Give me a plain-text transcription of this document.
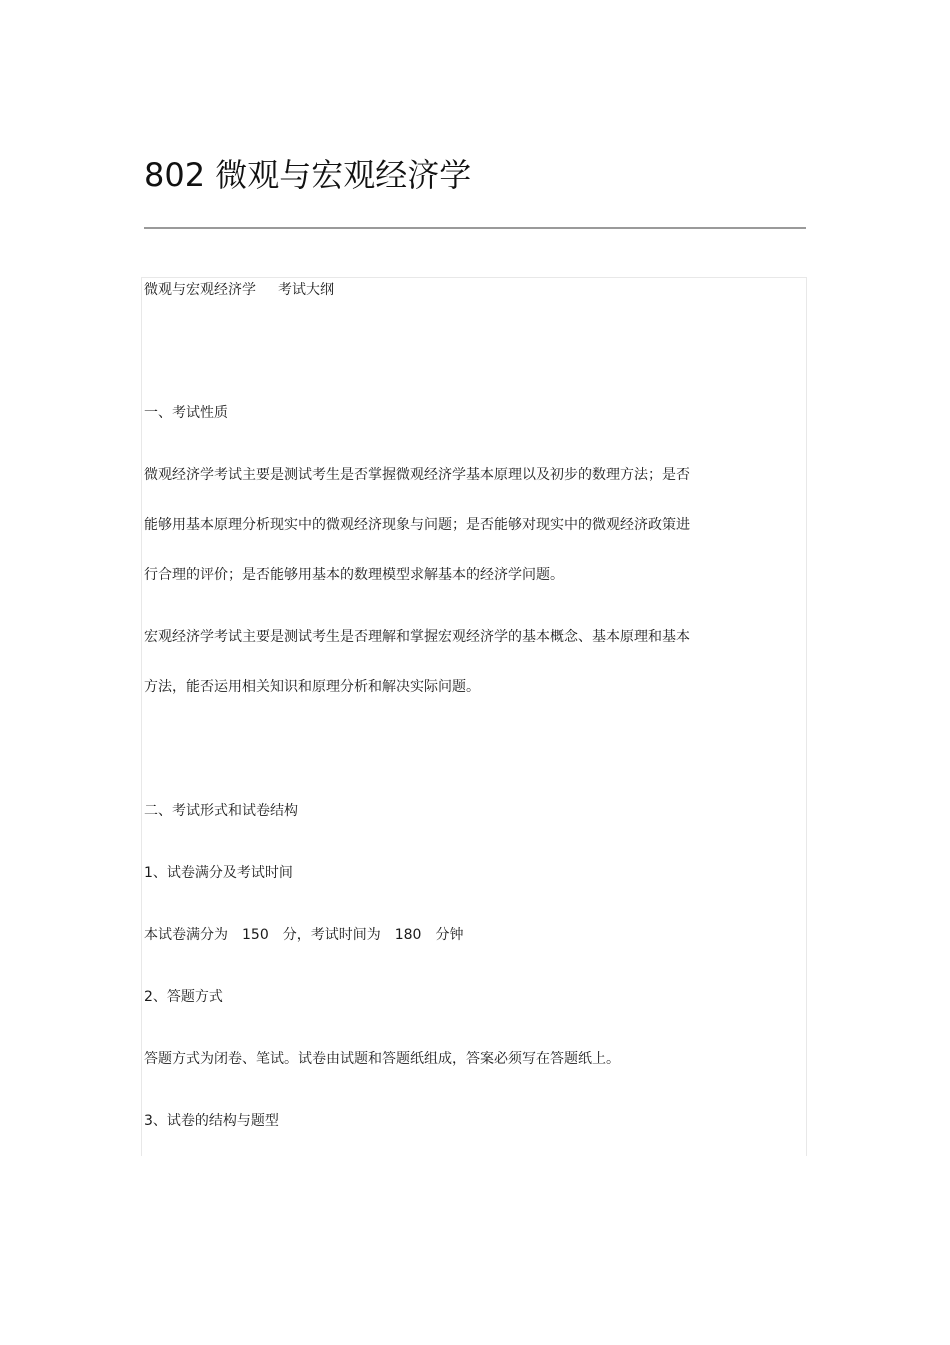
802 微观与宏观经济学
微观与宏观经济学 考试大纲
一、考试性质
微观经济学考试主要是测试考生是否掌握微观经济学基本原理以及初步的数理方法；是否
能够用基本原理分析现实中的微观经济现象与问题；是否能够对现实中的微观经济政策进
行合理的评价；是否能够用基本的数理模型求解基本的经济学问题。
宏观经济学考试主要是测试考生是否理解和掌握宏观经济学的基本概念、基本原理和基本
方法，能否运用相关知识和原理分析和解决实际问题。
二、考试形式和试卷结构
1、试卷满分及考试时间
本试卷满分为　150　分，考试时间为　180　分钟
2、答题方式
答题方式为闭卷、笔试。试卷由试题和答题纸组成，答案必须写在答题纸上。
3、试卷的结构与题型
